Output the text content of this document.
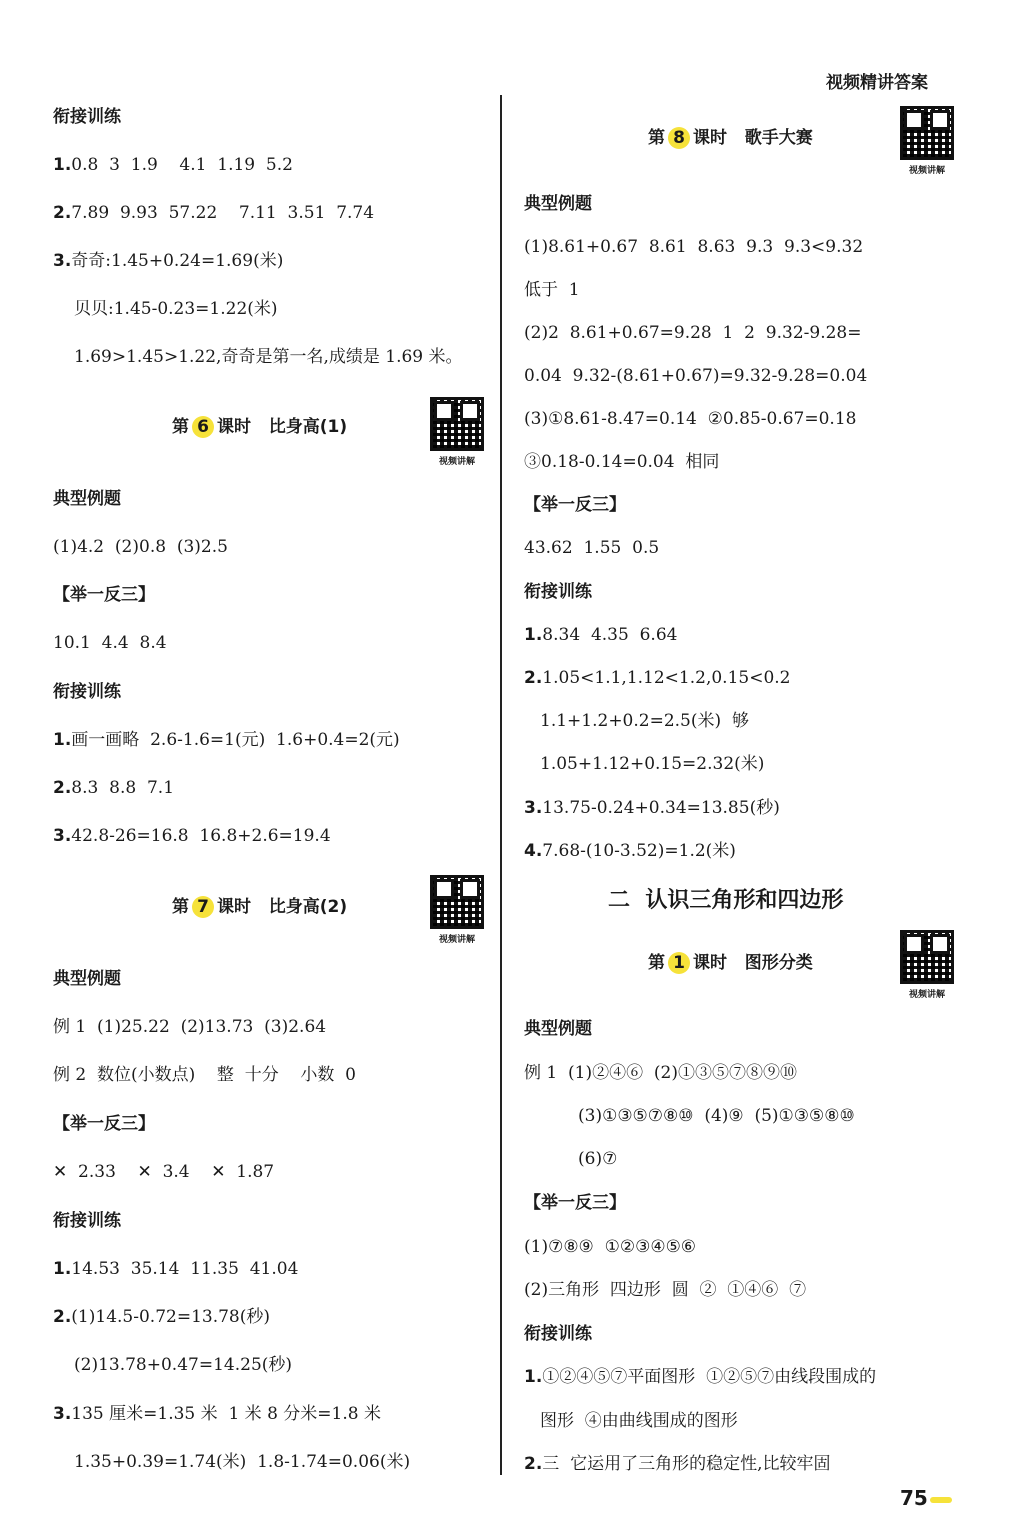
视频精讲答案
衔接训练
1.0.8  3  1.9    4.1  1.19  5.2
2.7.89  9.93  57.22    7.11  3.51  7.74
3.奇奇:1.45+0.24=1.69(米)
贝贝:1.45-0.23=1.22(米)
1.69>1.45>1.22,奇奇是第一名,成绩是 1.69 米。
第 6 课时   比身高(1)
视频讲解
典型例题
(1)4.2  (2)0.8  (3)2.5
【举一反三】
10.1  4.4  8.4
衔接训练
1.画一画略  2.6-1.6=1(元)  1.6+0.4=2(元)
2.8.3  8.8  7.1
3.42.8-26=16.8  16.8+2.6=19.4
第 7 课时   比身高(2)
视频讲解
典型例题
例 1  (1)25.22  (2)13.73  (3)2.64
例 2  数位(小数点)    整  十分    小数  0
【举一反三】
✕  2.33    ✕  3.4    ✕  1.87
衔接训练
1.14.53  35.14  11.35  41.04
2.(1)14.5-0.72=13.78(秒)
(2)13.78+0.47=14.25(秒)
3.135 厘米=1.35 米  1 米 8 分米=1.8 米
1.35+0.39=1.74(米)  1.8-1.74=0.06(米)
第 8 课时   歌手大赛
视频讲解
典型例题
(1)8.61+0.67  8.61  8.63  9.3  9.3<9.32
低于  1
(2)2  8.61+0.67=9.28  1  2  9.32-9.28=
0.04  9.32-(8.61+0.67)=9.32-9.28=0.04
(3)①8.61-8.47=0.14  ②0.85-0.67=0.18
③0.18-0.14=0.04  相同
【举一反三】
43.62  1.55  0.5
衔接训练
1.8.34  4.35  6.64
2.1.05<1.1,1.12<1.2,0.15<0.2
1.1+1.2+0.2=2.5(米)  够
1.05+1.12+0.15=2.32(米)
3.13.75-0.24+0.34=13.85(秒)
4.7.68-(10-3.52)=1.2(米)
二  认识三角形和四边形
第 1 课时   图形分类
视频讲解
典型例题
例 1  (1)②④⑥  (2)①③⑤⑦⑧⑨⑩
(3)①③⑤⑦⑧⑩  (4)⑨  (5)①③⑤⑧⑩
(6)⑦
【举一反三】
(1)⑦⑧⑨  ①②③④⑤⑥
(2)三角形  四边形  圆  ②  ①④⑥  ⑦
衔接训练
1.①②④⑤⑦平面图形  ①②⑤⑦由线段围成的
图形  ④由曲线围成的图形
2.三  它运用了三角形的稳定性,比较牢固
75
